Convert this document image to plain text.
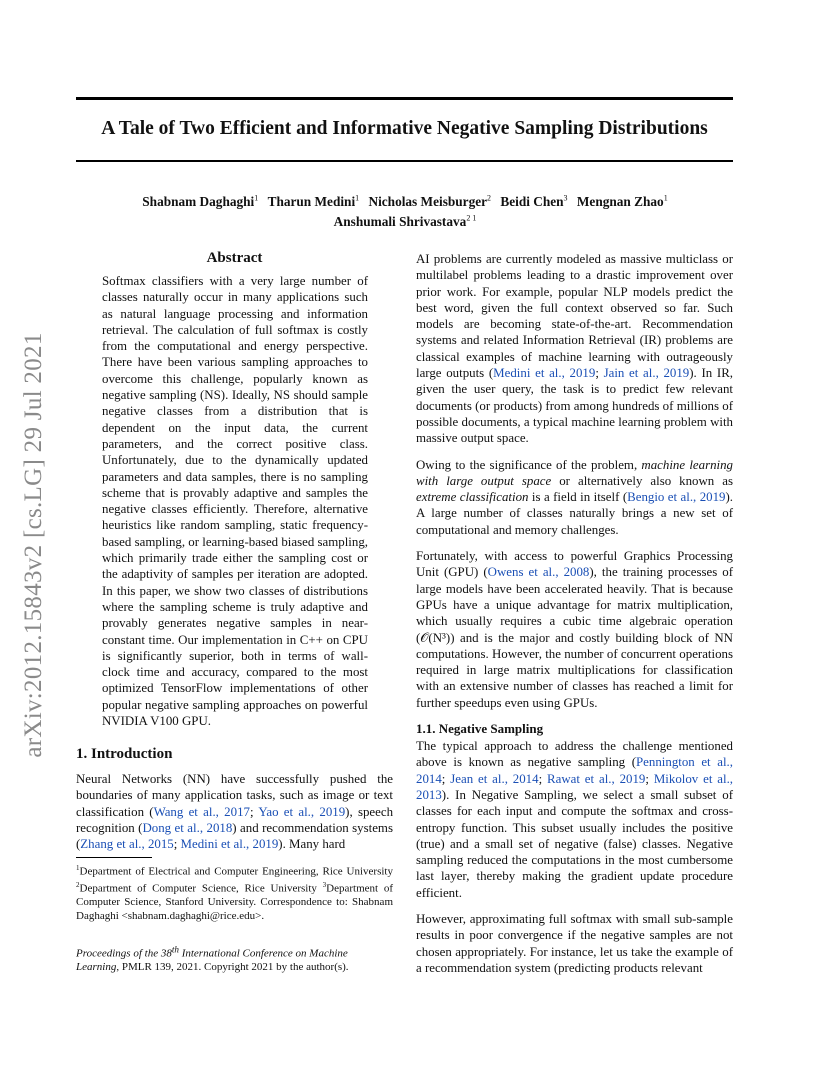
arXiv:2012.15843v2 [cs.LG] 29 Jul 2021
A Tale of Two Efficient and Informative Negative Sampling Distributions
Shabnam Daghaghi$^1$ Tharun Medini$^1$ Nicholas Meisburger$^2$ Beidi Chen$^3$ Mengnan Zhao$^1$
Anshumali Shrivastava$^{2 1}$
Abstract
Softmax classifiers with a very large number of classes naturally occur in many applications such as natural language processing and information retrieval. The calculation of full softmax is costly from the computational and energy perspective. There have been various sampling approaches to overcome this challenge, popularly known as negative sampling (NS). Ideally, NS should sample negative classes from a distribution that is dependent on the input data, the current parameters, and the correct positive class. Unfortunately, due to the dynamically updated parameters and data samples, there is no sampling scheme that is provably adaptive and samples the negative classes efficiently. Therefore, alternative heuristics like random sampling, static frequency-based sampling, or learning-based biased sampling, which primarily trade either the sampling cost or the adaptivity of samples per iteration are adopted. In this paper, we show two classes of distributions where the sampling scheme is truly adaptive and provably generates negative samples in near-constant time. Our implementation in C++ on CPU is significantly superior, both in terms of wall-clock time and accuracy, compared to the most optimized TensorFlow implementations of other popular negative sampling approaches on powerful NVIDIA V100 GPU.
1. Introduction
Neural Networks (NN) have successfully pushed the boundaries of many application tasks, such as image or text classification (Wang et al., 2017; Yao et al., 2019), speech recognition (Dong et al., 2018) and recommendation systems (Zhang et al., 2015; Medini et al., 2019). Many hard
$^1$Department of Electrical and Computer Engineering, Rice University $^2$Department of Computer Science, Rice University $^3$Department of Computer Science, Stanford University. Correspondence to: Shabnam Daghaghi <shabnam.daghaghi@rice.edu>.
Proceedings of the 38th International Conference on Machine Learning, PMLR 139, 2021. Copyright 2021 by the author(s).

AI problems are currently modeled as massive multiclass or multilabel problems leading to a drastic improvement over prior work. For example, popular NLP models predict the best word, given the full context observed so far. Such models are becoming state-of-the-art. Recommendation systems and related Information Retrieval (IR) problems are classical examples of machine learning with outrageously large outputs (Medini et al., 2019; Jain et al., 2019). In IR, given the user query, the task is to predict few relevant documents (or products) from among hundreds of millions of possible documents, a typical machine learning problem with massive output space.

Owing to the significance of the problem, machine learning with large output space or alternatively also known as extreme classification is a field in itself (Bengio et al., 2019). A large number of classes naturally brings a new set of computational and memory challenges.

Fortunately, with access to powerful Graphics Processing Unit (GPU) (Owens et al., 2008), the training processes of large models have been accelerated heavily. That is because GPUs have a unique advantage for matrix multiplication, which usually requires a cubic time algebraic operation (𝒪(N³)) and is the major and costly building block of NN computations. However, the number of concurrent operations required in large matrix multiplications for classification with an extensive number of classes has reached a limit for further speedups even using GPUs.

1.1. Negative Sampling

The typical approach to address the challenge mentioned above is known as negative sampling (Pennington et al., 2014; Jean et al., 2014; Rawat et al., 2019; Mikolov et al., 2013). In Negative Sampling, we select a small subset of classes for each input and compute the softmax and cross-entropy function. This subset usually includes the positive (true) and a small set of negative (false) classes. Negative sampling reduced the computations in the most cumbersome last layer, thereby making the gradient update procedure efficient.

However, approximating full softmax with small sub-sample results in poor convergence if the negative samples are not chosen appropriately. For instance, let us take the example of a recommendation system (predicting products relevant
